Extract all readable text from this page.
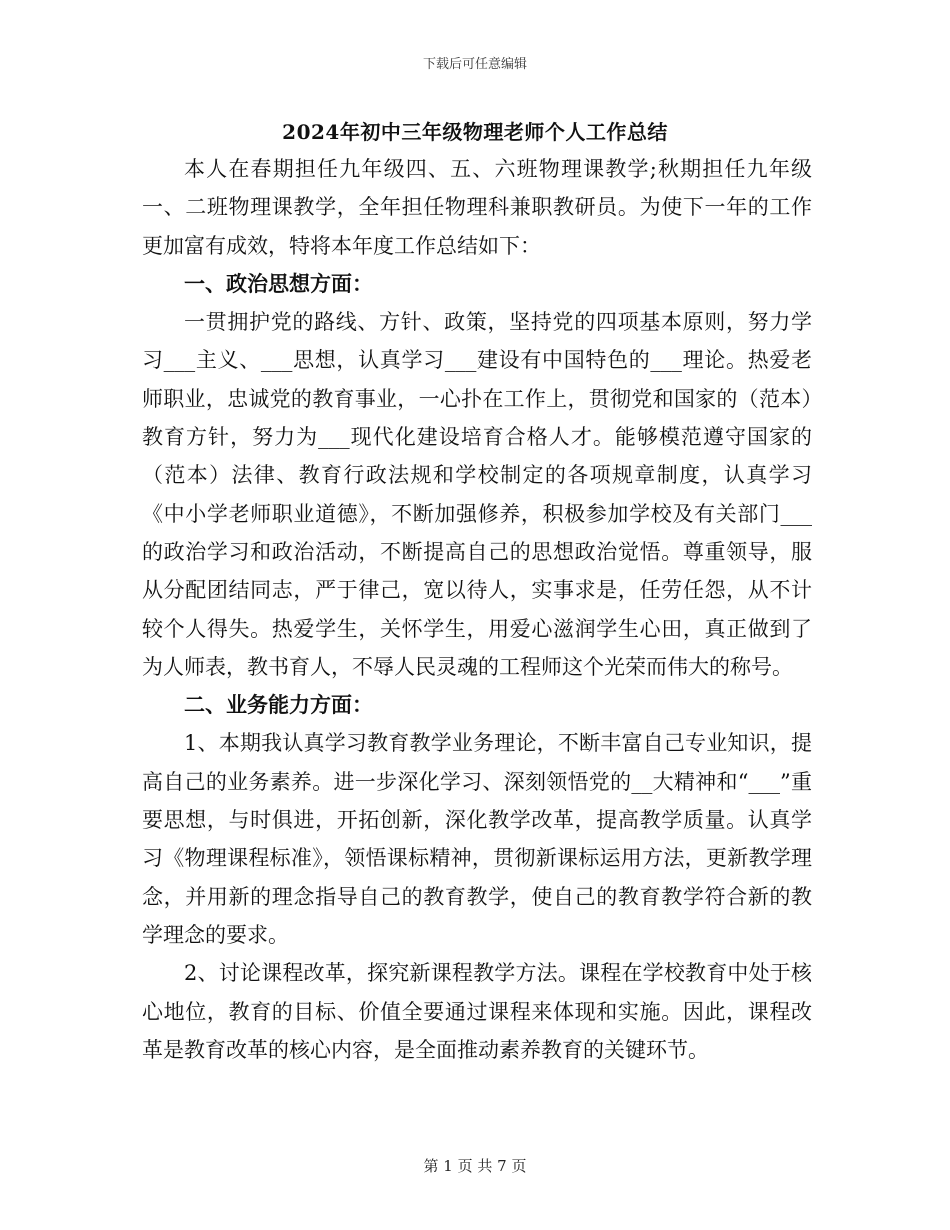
下载后可任意编辑
2024年初中三年级物理老师个人工作总结

本人在春期担任九年级四、五、六班物理课教学;秋期担任九年级一、二班物理课教学，全年担任物理科兼职教研员。为使下一年的工作更加富有成效，特将本年度工作总结如下：

一、政治思想方面：

一贯拥护党的路线、方针、政策，坚持党的四项基本原则，努力学习___主义、___思想，认真学习___建设有中国特色的___理论。热爱老师职业，忠诚党的教育事业，一心扑在工作上，贯彻党和国家的（范本）教育方针，努力为___现代化建设培育合格人才。能够模范遵守国家的（范本）法律、教育行政法规和学校制定的各项规章制度，认真学习《中小学老师职业道德》，不断加强修养，积极参加学校及有关部门___的政治学习和政治活动，不断提高自己的思想政治觉悟。尊重领导，服从分配团结同志，严于律己，宽以待人，实事求是，任劳任怨，从不计较个人得失。热爱学生，关怀学生，用爱心滋润学生心田，真正做到了为人师表，教书育人，不辱人民灵魂的工程师这个光荣而伟大的称号。

二、业务能力方面：

1、本期我认真学习教育教学业务理论，不断丰富自己专业知识，提高自己的业务素养。进一步深化学习、深刻领悟党的__大精神和“___”重要思想，与时俱进，开拓创新，深化教学改革，提高教学质量。认真学习《物理课程标准》，领悟课标精神，贯彻新课标运用方法，更新教学理念，并用新的理念指导自己的教育教学，使自己的教育教学符合新的教学理念的要求。

2、讨论课程改革，探究新课程教学方法。课程在学校教育中处于核心地位，教育的目标、价值全要通过课程来体现和实施。因此，课程改革是教育改革的核心内容，是全面推动素养教育的关键环节。

第 1 页 共 7 页
